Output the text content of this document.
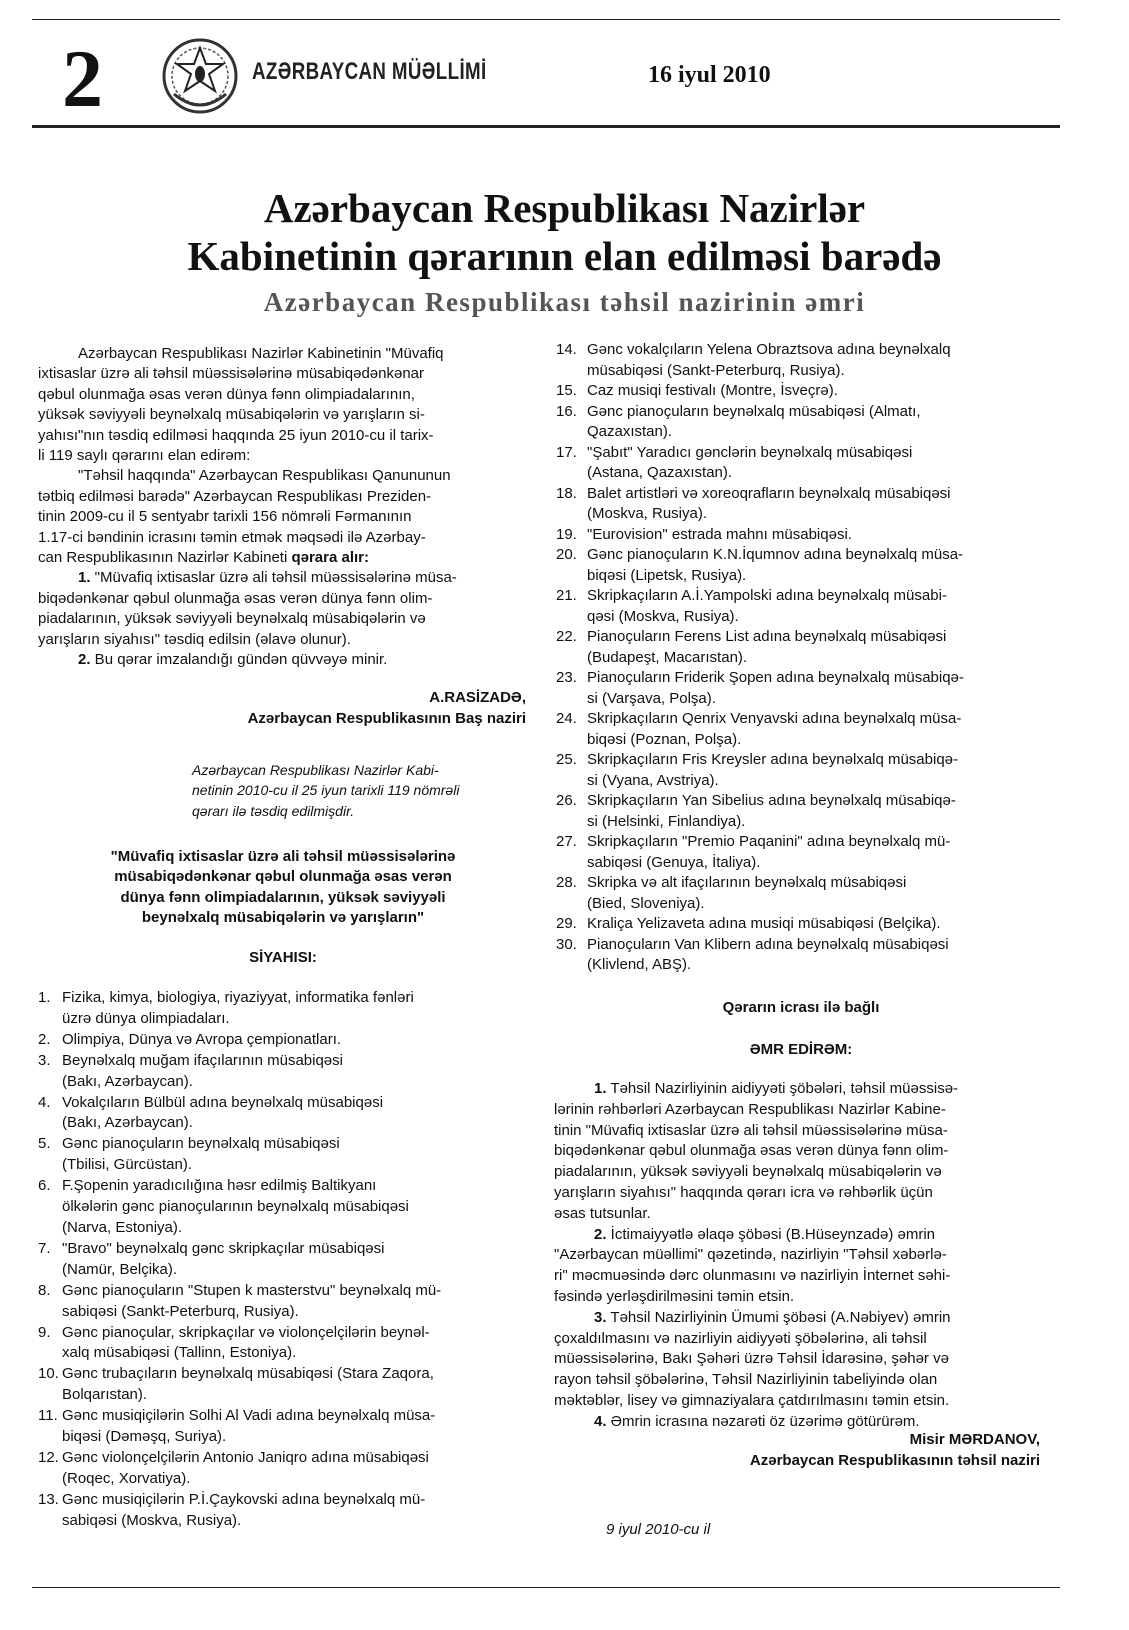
2	AZƏRBAYCAN MÜƏLLİMİ	16 iyul 2010
Azərbaycan Respublikası Nazirlər
Kabinetinin qərarının elan edilməsi barədə
Azərbaycan Respublikası təhsil nazirinin əmri
Azərbaycan Respublikası Nazirlər Kabinetinin "Müvafiq
ixtisaslar üzrə ali təhsil müəssisələrinə müsabiqədənkənar
qəbul olunmağa əsas verən dünya fənn olimpiadalarının,
yüksək səviyyəli beynəlxalq müsabiqələrin və yarışların si-
yahısı"nın təsdiq edilməsi haqqında 25 iyun 2010-cu il tarix-
li 119 saylı qərarını elan edirəm:
"Təhsil haqqında" Azərbaycan Respublikası Qanununun
tətbiq edilməsi barədə" Azərbaycan Respublikası Preziden-
tinin 2009-cu il 5 sentyabr tarixli 156 nömrəli Fərmanının
1.17-ci bəndinin icrasını təmin etmək məqsədi ilə Azərbay-
can Respublikasının Nazirlər Kabineti qərara alır:
1. "Müvafiq ixtisaslar üzrə ali təhsil müəssisələrinə müsa-
biqədənkənar qəbul olunmağa əsas verən dünya fənn olim-
piadalarının, yüksək səviyyəli beynəlxalq müsabiqələrin və
yarışların siyahısı" təsdiq edilsin (əlavə olunur).
2. Bu qərar imzalandığı gündən qüvvəyə minir.
A.RASİZADƏ,
Azərbaycan Respublikasının Baş naziri
Azərbaycan Respublikası Nazirlər Kabi-
netinin 2010-cu il 25 iyun tarixli 119 nömrəli
qərarı ilə təsdiq edilmişdir.
"Müvafiq ixtisaslar üzrə ali təhsil müəssisələrinə
müsabiqədənkənar qəbul olunmağa əsas verən
dünya fənn olimpiadalarının, yüksək səviyyəli
beynəlxalq müsabiqələrin və yarışların"
SİYAHISI:
1. Fizika, kimya, biologiya, riyaziyyat, informatika fənləri
üzrə dünya olimpiadaları.
2. Olimpiya, Dünya və Avropa çempionatları.
3. Beynəlxalq muğam ifaçılarının müsabiqəsi
(Bakı, Azərbaycan).
4. Vokalçıların Bülbül adına beynəlxalq müsabiqəsi
(Bakı, Azərbaycan).
5. Gənc pianoçuların beynəlxalq müsabiqəsi
(Tbilisi, Gürcüstan).
6. F.Şopenin yaradıcılığına həsr edilmiş Baltikyanı
ölkələrin gənc pianoçularının beynəlxalq müsabiqəsi
(Narva, Estoniya).
7. "Bravo" beynəlxalq gənc skripkaçılar müsabiqəsi
(Namür, Belçika).
8. Gənc pianoçuların "Stupen k masterstvu" beynəlxalq mü-
sabiqəsi (Sankt-Peterburq, Rusiya).
9. Gənc pianoçular, skripkaçılar və violonçelçilərin beynəl-
xalq müsabiqəsi (Tallinn, Estoniya).
10. Gənc trubaçıların beynəlxalq müsabiqəsi (Stara Zaqora,
Bolqarıstan).
11. Gənc musiqiçilərin Solhi Al Vadi adına beynəlxalq müsa-
biqəsi (Dəməşq, Suriya).
12. Gənc violonçelçilərin Antonio Janiqro adına müsabiqəsi
(Roqec, Xorvatiya).
13. Gənc musiqiçilərin P.İ.Çaykovski adına beynəlxalq mü-
sabiqəsi (Moskva, Rusiya).
14. Gənc vokalçıların Yelena Obraztsova adına beynəlxalq
müsabiqəsi (Sankt-Peterburq, Rusiya).
15. Caz musiqi festivalı (Montre, İsveçrə).
16. Gənc pianoçuların beynəlxalq müsabiqəsi (Almatı,
Qazaxıstan).
17. "Şabıt" Yaradıcı gənclərin beynəlxalq müsabiqəsi
(Astana, Qazaxıstan).
18. Balet artistləri və xoreoqrafların beynəlxalq müsabiqəsi
(Moskva, Rusiya).
19. "Eurovision" estrada mahnı müsabiqəsi.
20. Gənc pianoçuların K.N.İqumnov adına beynəlxalq müsa-
biqəsi (Lipetsk, Rusiya).
21. Skripkaçıların A.İ.Yampolski adına beynəlxalq müsabi-
qəsi (Moskva, Rusiya).
22. Pianoçuların Ferens List adına beynəlxalq müsabiqəsi
(Budapeşt, Macarıstan).
23. Pianoçuların Friderik Şopen adına beynəlxalq müsabiqə-
si (Varşava, Polşa).
24. Skripkaçıların Qenrix Venyavski adına beynəlxalq müsa-
biqəsi (Poznan, Polşa).
25. Skripkaçıların Fris Kreysler adına beynəlxalq müsabiqə-
si (Vyana, Avstriya).
26. Skripkaçıların Yan Sibelius adına beynəlxalq müsabiqə-
si (Helsinki, Finlandiya).
27. Skripkaçıların "Premio Paqanini" adına beynəlxalq mü-
sabiqəsi (Genuya, İtaliya).
28. Skripka və alt ifaçılarının beynəlxalq müsabiqəsi
(Bied, Sloveniya).
29. Kraliça Yelizaveta adına musiqi müsabiqəsi (Belçika).
30. Pianoçuların Van Klibern adına beynəlxalq müsabiqəsi
(Klivlend, ABŞ).
Qərarın icrası ilə bağlı
ƏMR EDİRƏM:
1. Təhsil Nazirliyinin aidiyyəti şöbələri, təhsil müəssisə-
lərinin rəhbərləri Azərbaycan Respublikası Nazirlər Kabine-
tinin "Müvafiq ixtisaslar üzrə ali təhsil müəssisələrinə müsa-
biqədənkənar qəbul olunmağa əsas verən dünya fənn olim-
piadalarının, yüksək səviyyəli beynəlxalq müsabiqələrin və
yarışların siyahısı" haqqında qərarı icra və rəhbərlik üçün
əsas tutsunlar.
2. İctimaiyyətlə əlaqə şöbəsi (B.Hüseynzadə) əmrin
"Azərbaycan müəllimi" qəzetində, nazirliyin "Təhsil xəbərlə-
ri" məcmuəsində dərc olunmasını və nazirliyin İnternet səhi-
fəsində yerləşdirilməsini təmin etsin.
3. Təhsil Nazirliyinin Ümumi şöbəsi (A.Nəbiyev) əmrin
çoxaldılmasını və nazirliyin aidiyyəti şöbələrinə, ali təhsil
müəssisələrinə, Bakı Şəhəri üzrə Təhsil İdarəsinə, şəhər və
rayon təhsil şöbələrinə, Təhsil Nazirliyinin tabeliyində olan
məktəblər, lisey və gimnaziyalara çatdırılmasını təmin etsin.
4. Əmrin icrasına nəzarəti öz üzərimə götürürəm.
Misir MƏRDANOV,
Azərbaycan Respublikasının təhsil naziri
9 iyul 2010-cu il
